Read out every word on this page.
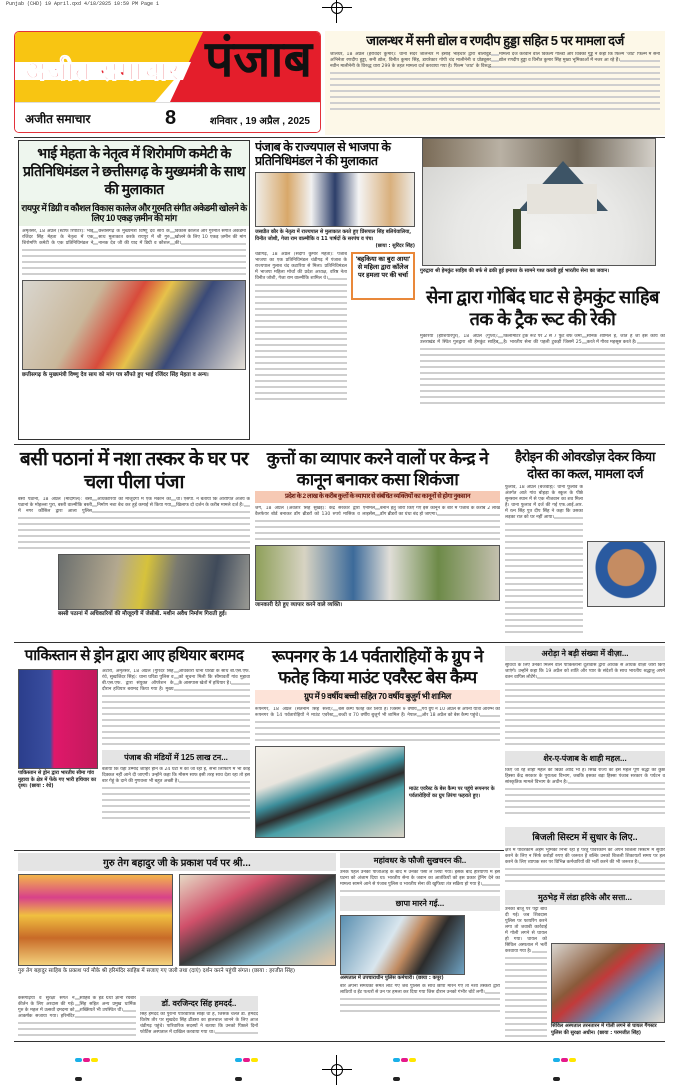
Punjab (CHD) 19 April.qxd 4/18/2025 10:59 PM Page 1
अजीत समाचार पंजाब
अजीत समाचार	8	शनिवार , 19 अप्रैल , 2025
जालन्धर में सनी द्योल व रणदीप हुड्डा सहित 5 पर मामला दर्ज
जालंधर, 18 अप्रैल (हरविंदर कुमार): थाना सदर जालन्धर में ईसाई भाईचारे द्वारा बालीवुड अभिनेता रणदीप हुड्डा, सनी द्योल, विनीत कुमार सिंह, डायरेक्टर गोपी चंद मालीनेनी व प्रोड्यूसर नवीन मालीनेनी के विरुद्ध धारा 299 के तहत मामला दर्ज करवाया गया है। फिल्म 'जाट' के विरुद्ध मामला दर्ज करवाने वाले विकल्प गोल्डी और विक्की गुड्ड ने कहा कि फिल्म 'जाट' फिल्म में सनी द्योल रणदीप हुड्डा व विनीत कुमार सिंह मुख्य भूमिकाओं में नजर आ रहे हैं।
भाई मेहता के नेतृत्व में शिरोमणि कमेटी के प्रतिनिधिमंडल ने छत्तीसगढ़ के मुख्यमंत्री के साथ की मुलाकात
रायपुर में डिग्री व कौशल विकास कालेज और गुरमति संगीत अकेडमी खोलने के लिए 10 एकड़ ज़मीन की मांग
अमृतसर, 18 अप्रैल (स्टाफ रिपोर्टर): भाई रजिंदर सिंह मेहता के नेतृत्व में एक शिरोमणि कमेटी के एक प्रतिनिधिमंडल ने छत्तीसगढ़ के मुख्यमंत्री विष्णु देव साय के साथ मुलाकात करके रायपुर में श्री गुरु नानक देव जी की याद में डिग्री व कौशल विकास कालेज और गुरमति संगीत अकेडमी खोलने के लिए 10 एकड़ ज़मीन की मांग की।
छत्तीसगढ़ के मुख्यमंत्री विष्णु देव साय को मांग पत्र सौंपते हुए भाई रजिंदर सिंह मेहता व अन्य।
पंजाब के राज्यपाल से भाजपा के प्रतिनिधिमंडल ने की मुलाकात
जसप्रीत कौर के नेतृत्व में राज्यपाल से मुलाकात करते हुए प्रिंसपाल सिंह बलियेवालिया, विनीत जोशी, गेजा राम वाल्मीकि व 11 पार्षदों के सरपंच व पंच।
(छाया : सुरिंदर सिंह)
चंडीगढ़, 18 अप्रैल (संदीप कुमार महता): पंजाब भाजपा का एक प्रतिनिधिमंडल चंडीगढ़ में पंजाब के राज्यपाल गुलाब चंद कटारिया से मिला। प्रतिनिधिमंडल में भाजपा महिला मोर्चा की प्रदेश अध्यक्ष, वरिष्ठ नेता विनीत जोशी, गेजा राम वाल्मीकि शामिल थे।
'बहकिया का बुरा आया' से महिला द्वारा कॉलेज पर हमला पर की चर्चा
गुरुद्वारा श्री हेमकुंट साहिब की बर्फ से ढकी हुई इमारत के सामने गश्त करती हुई भारतीय सेना का जवान।
सेना द्वारा गोबिंद घाट से हेमकुंट साहिब तक के ट्रैक रूट की रेकी
मुकेरियां (होशियारपुर), 18 अप्रैल (गुप्ता): उत्तराखंड में स्थित गुरुद्वारा श्री हेमकुंट साहिब किलोमीटर ट्रैक रूट पर 2 से 7 फुट बर्फ जमा है। भारतीय सेना की पहली टुकड़ी जिसमें 25 सैनिक शामिल हैं, जाते हैं जो इस कार्य को करते में गौरव महसूस करते हैं।
बसी पठानां में नशा तस्कर के घर पर चला पीला पंजा
बसी पठानां, 18 अप्रैल (मौदगिल): बसी पठानां के मोहल्ला पुरा, बस्ती वाल्मीकि बस्ती में नगर कौंसिल द्वारा आला पुलिस अधिकारियों की मौजूदगी में एक मकान का निर्माण नशा बेच कर हुई कमाई से किया गया था। एसपी. ने बताया कि आरोपित अजय के खिलाफ दो दर्जन के करीब मामले दर्ज हैं।
बस्सी पठानां में अधिकारियों की मौजूदगी में जेसीबी. मशीन अवैध निर्माण गिराती हुई।
कुत्तों का व्यापार करने वालों पर केन्द्र ने कानून बनाकर कसा शिकंजा
प्रदेश के 2 लाख के करीब कुत्तों के व्यापार से संबंधित व्यक्तियों का कानूनों से होगा नुकसान
जग, 18 अप्रैल (अवतार सिंह सुखई): केंद्र सरकार द्वारा एनीमल वैलफेयर बोर्ड बनाकर डॉग ब्रीडरों को 130 रुपये मासिक व लाइसेंस बनाने हेतु जारी किए गए इस कानून के बारे में पंजाब के करीब 2 लाख डॉग ब्रीडरों का धंधा बंद हो जाएगा।
जानकारी देते हुए व्यापार करने वाले व्यक्ति।
हैरोइन की ओवरडोज़ देकर किया दोस्त का कत्ल, मामला दर्ज
फुलाव, 18 अप्रैल (बजवाह): थाना फुलाव के अंतर्गत आते गांव बोहड़ा के स्कूल के पीछे सुनसान स्थान में से एक नौजवान का शव मिला है। थाना फुलाव में दर्ज की गई एफ.आई.आर. में रत्न सिंह पुत्र दीप सिंह ने कहा कि उसका लड़का रात को घर नहीं आया।
पाकिस्तान से ड्रोन द्वारा आए हथियार बरामद
पाकिस्तान से ड्रोन द्वारा भारतीय सीमा गांव मुहावा के क्षेत्र में फेंके गए भारी हथियार का दृश्य। (छाया : रंधे)
अटारी, अमृतसर, 18 अप्रैल (गुरिंदर सिंह रंधे, सुखजिंदर सिंह): थाना घरिंडा पुलिस व बी.एस.एफ. द्वारा संयुक्त ऑपरेशन के दौरान हथियार बरामद किया गया है। मुख्य अधिकारी थाना घरिंडा के साथ बी.एस.एफ. को सूचना मिली कि सीमावर्ती गांव मुहावा के आसपास खेतों में हथियार है।
पंजाब की मंडियों में 125 लाख टन...
बताया कि यहां उम्मीद जाहिर होने के 24 घंटों में की जा रही है, सभी लिफ्टिंग में भी कोई दिक्कत नहीं आने दी जाएगी। उन्होंने कहा कि मौसम साफ इसी तरह साथ देता रहा तो इस बार गेहूं के दाने की गुणवत्ता भी बहुत अच्छी है।
रूपनगर के 14 पर्वतारोहियों के ग्रुप ने फतेह किया माउंट एवरैस्ट बेस कैम्प
ग्रुप में 9 वर्षीय बच्ची सहित 70 वर्षीय बुजुर्ग भी शामिल
रूपनगर, 18 अप्रैल (सतनाम सिंह सत्ती): रूपनगर के 14 पर्वतारोहियों ने माउंट एवरैस्ट बेस कैम्प फतेह कर लिया है। जिसमें 9 वर्षीय बच्ची व 70 वर्षीय बुजुर्ग भी शामिल हैं। नेपाल गये ग्रुप ने 10 अप्रैल से अपनी यात्रा आरम्भ की और 18 अप्रैल को बेस कैम्प पहुंचे।
माउंट एवरैस्ट के बेस कैम्प पर पहुंचे रूपनगर के पर्वतारोहियों का ग्रुप तिरंगा फहराते हुए।
अरोड़ा ने बड़ी संख्या में वीज़ा...
सुविधा के लिए उनको मिलने वाले पाकिस्तानी दूतावास द्वारा अधिक से अधिक वीज़ा जारी किए जाएंगे। उन्होंने कहा कि 19 अप्रैल को शांति और प्यार के संदेशों के साथ भारतीय श्रद्धालु अपने वतन वापिस लौटेंगे।
शेर-ए-पंजाब के शाही महल...
किए जा रहे शाही महल की बिक्री आदि भी है। सिख राज्य का इस महल पूर्ण श्रद्धा का कुछ हिस्सा केंद्र सरकार के पुरातत्व विभाग, जबकि इसका बड़ा हिस्सा पंजाब सरकार के पर्यटन व सांस्कृतिक मामले विभाग के अधीन है।
बिजली सिस्टम में सुधार के लिए..
क्षेत्र में पावरकॉम अहम भूमिका निभा रहा है परंतु पावरकॉम को अपने बिजली सिस्टम में सुधार करने के लिए न सिर्फ करोड़ों रुपए की जरूरत है बल्कि उनको बिजली शिकायतों समय पर हल करने के लिए व्यापक स्तर पर विभिन्न कर्मचारियों की भर्ती करने की भी जरूरत है।
गुरु तेग बहादुर जी के प्रकाश पर्व पर श्री...
गुरु तेग बहादुर साहिब के प्रकाश पर्व मौके श्री हरिमंदिर साहिब में सजाए गए जलौ तथा (दाएं) दर्शन करने पहुंची संगत। (छाया : हरजीत सिंह)
केसगढ़ियों व सुरक्षा संगत ने कीर्तन के लिए अरदास की गई। गुरु के महल में उत्सवों दमदमा को आकर्षक सजाया गया। हरिमंदिर साहिब के हेड ग्रंथी ज्ञानी रघबीर सिंह सहित अन्य प्रमुख धार्मिक शख्सियतें भी उपस्थित थीं।
डॉ. वरजिन्दर सिंह हमदर्द..
सिंह हमदर्द की पुरानी पारिवारिक सांझ थी है, जिसके चलते डॉ. हमदर्द विशेष तौर पर सुखदेव सिंह ढींडसा का हालचाल जानने के लिए आज चंडीगढ़ पहुंचे। पारिवारिक सदस्यों ने बताया कि उनको पिछले दिनों फोर्टिस अस्पताल में दाखिल करवाया गया था।
महांवधर के फौजी सुखचरन की..
उनके पहले उनको पीजीआई के बाद में उनका पैसा ले लिया गया। इसके बाद हरियाणा में इस घटना को अंजाम दिया था। भारतीय सेना के जवान का आतंकियों को इस प्रकार ट्रेनिंग देने का मामला सामने आने से पंजाब पुलिस व भारतीय सेना की खुफिया तंत्र सक्रिय हो गया है।
छापा मारने गई...
अस्पताल में उपचाराधीन पुलिस कर्मचारी। (छाया : कपूर)
बार अपनों समर्थकों समेत लौट गए जब पुलिस के साथ छापा मारने गए तो नशा तस्करों द्वारा लाठियों व ईंट पत्थरों से उन पर हमला कर दिया गया जिस दौरान उनको गंभीर चोटें लगीं।
मुठभेड़ में लंडा हरिके और सत्ता...
उनकी बाजू पर पट्टी बांध दी गई। जब शिवदास पुलिस पर फायरिंग करने लगा तो जवाबी कार्रवाई में गोली लगने से घायल हो गया। घायल को सिविल अस्पताल में भर्ती करवाया गया है।
सिविल अस्पताल तरनतारन में गोली लगने से घायल गैंगस्टर पुलिस की सुरक्षा अधीन। (छाया : परमजीत सिंह)
